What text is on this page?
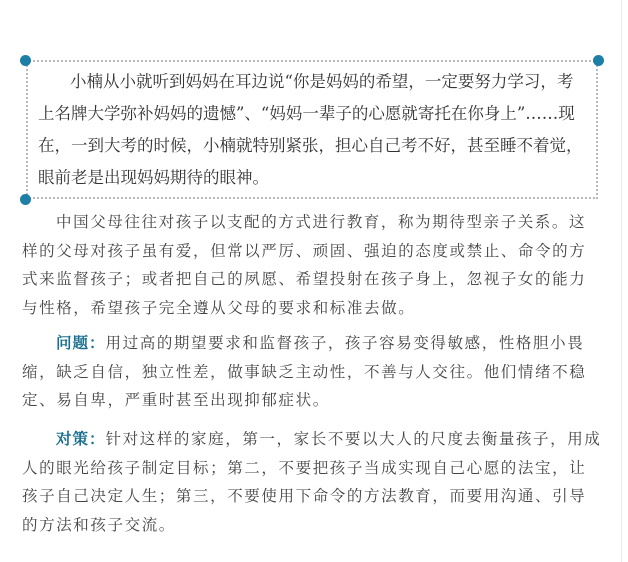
小楠从小就听到妈妈在耳边说“你是妈妈的希望，一定要努力学习，考上名牌大学弥补妈妈的遗憾”、“妈妈一辈子的心愿就寄托在你身上”……现在，一到大考的时候，小楠就特别紧张，担心自己考不好，甚至睡不着觉，眼前老是出现妈妈期待的眼神。

中国父母往往对孩子以支配的方式进行教育，称为期待型亲子关系。这样的父母对孩子虽有爱，但常以严厉、顽固、强迫的态度或禁止、命令的方式来监督孩子；或者把自己的夙愿、希望投射在孩子身上，忽视子女的能力与性格，希望孩子完全遵从父母的要求和标准去做。

问题：用过高的期望要求和监督孩子，孩子容易变得敏感，性格胆小畏缩，缺乏自信，独立性差，做事缺乏主动性，不善与人交往。他们情绪不稳定、易自卑，严重时甚至出现抑郁症状。

对策：针对这样的家庭，第一，家长不要以大人的尺度去衡量孩子，用成人的眼光给孩子制定目标；第二，不要把孩子当成实现自己心愿的法宝，让孩子自己决定人生；第三，不要使用下命令的方法教育，而要用沟通、引导的方法和孩子交流。
